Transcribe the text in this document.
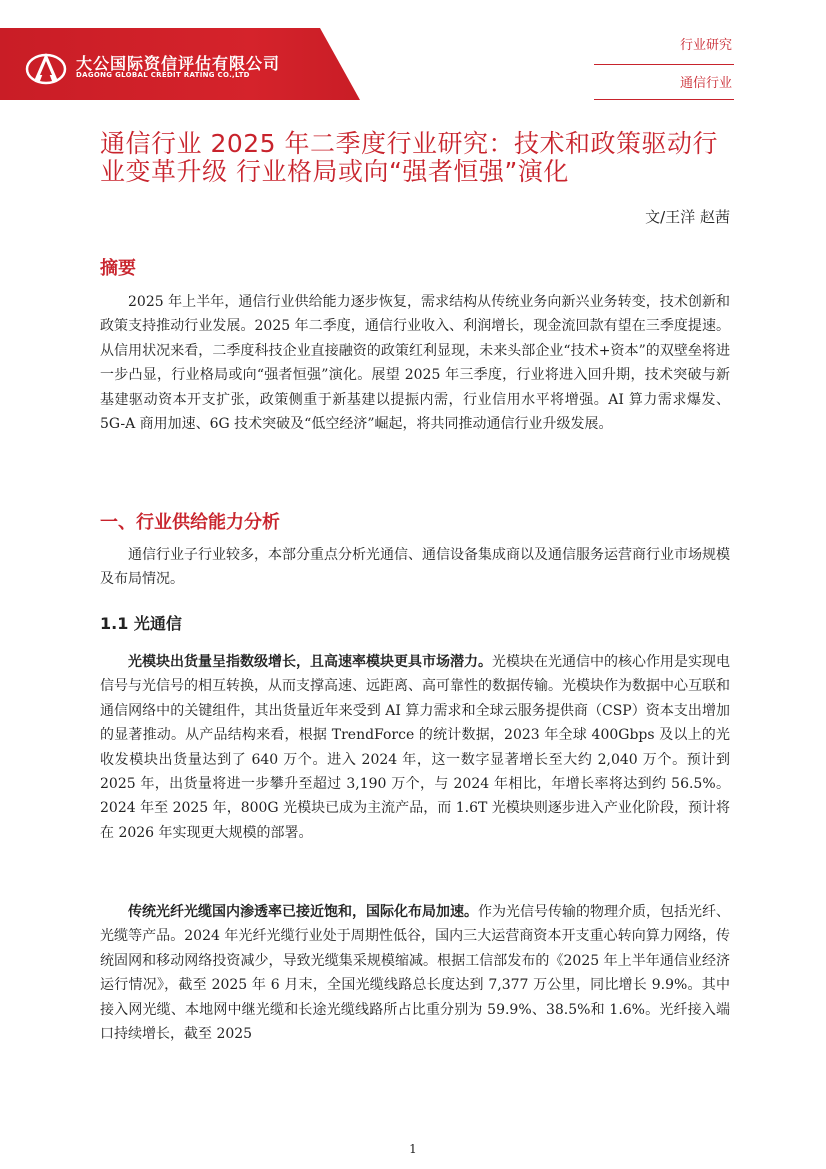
大公国际资信评估有限公司
DAGONG GLOBAL CREDIT RATING CO.,LTD
行业研究
通信行业
通信行业 2025 年二季度行业研究：技术和政策驱动行业变革升级 行业格局或向“强者恒强”演化
文/王洋 赵茜
摘要

2025 年上半年，通信行业供给能力逐步恢复，需求结构从传统业务向新兴业务转变，技术创新和政策支持推动行业发展。2025 年二季度，通信行业收入、利润增长，现金流回款有望在三季度提速。从信用状况来看，二季度科技企业直接融资的政策红利显现，未来头部企业“技术+资本”的双壁垒将进一步凸显，行业格局或向“强者恒强”演化。展望 2025 年三季度，行业将进入回升期，技术突破与新基建驱动资本开支扩张，政策侧重于新基建以提振内需，行业信用水平将增强。AI 算力需求爆发、5G-A 商用加速、6G 技术突破及“低空经济”崛起，将共同推动通信行业升级发展。

一、行业供给能力分析

通信行业子行业较多，本部分重点分析光通信、通信设备集成商以及通信服务运营商行业市场规模及布局情况。

1.1 光通信

光模块出货量呈指数级增长，且高速率模块更具市场潜力。光模块在光通信中的核心作用是实现电信号与光信号的相互转换，从而支撑高速、远距离、高可靠性的数据传输。光模块作为数据中心互联和通信网络中的关键组件，其出货量近年来受到 AI 算力需求和全球云服务提供商（CSP）资本支出增加的显著推动。从产品结构来看，根据 TrendForce 的统计数据，2023 年全球 400Gbps 及以上的光收发模块出货量达到了 640 万个。进入 2024 年，这一数字显著增长至大约 2,040 万个。预计到 2025 年，出货量将进一步攀升至超过 3,190 万个，与 2024 年相比，年增长率将达到约 56.5%。2024 年至 2025 年，800G 光模块已成为主流产品，而 1.6T 光模块则逐步进入产业化阶段，预计将在 2026 年实现更大规模的部署。

传统光纤光缆国内渗透率已接近饱和，国际化布局加速。作为光信号传输的物理介质，包括光纤、光缆等产品。2024 年光纤光缆行业处于周期性低谷，国内三大运营商资本开支重心转向算力网络，传统固网和移动网络投资减少，导致光缆集采规模缩减。根据工信部发布的《2025 年上半年通信业经济运行情况》，截至 2025 年 6 月末，全国光缆线路总长度达到 7,377 万公里，同比增长 9.9%。其中接入网光缆、本地网中继光缆和长途光缆线路所占比重分别为 59.9%、38.5%和 1.6%。光纤接入端口持续增长，截至 2025

1
